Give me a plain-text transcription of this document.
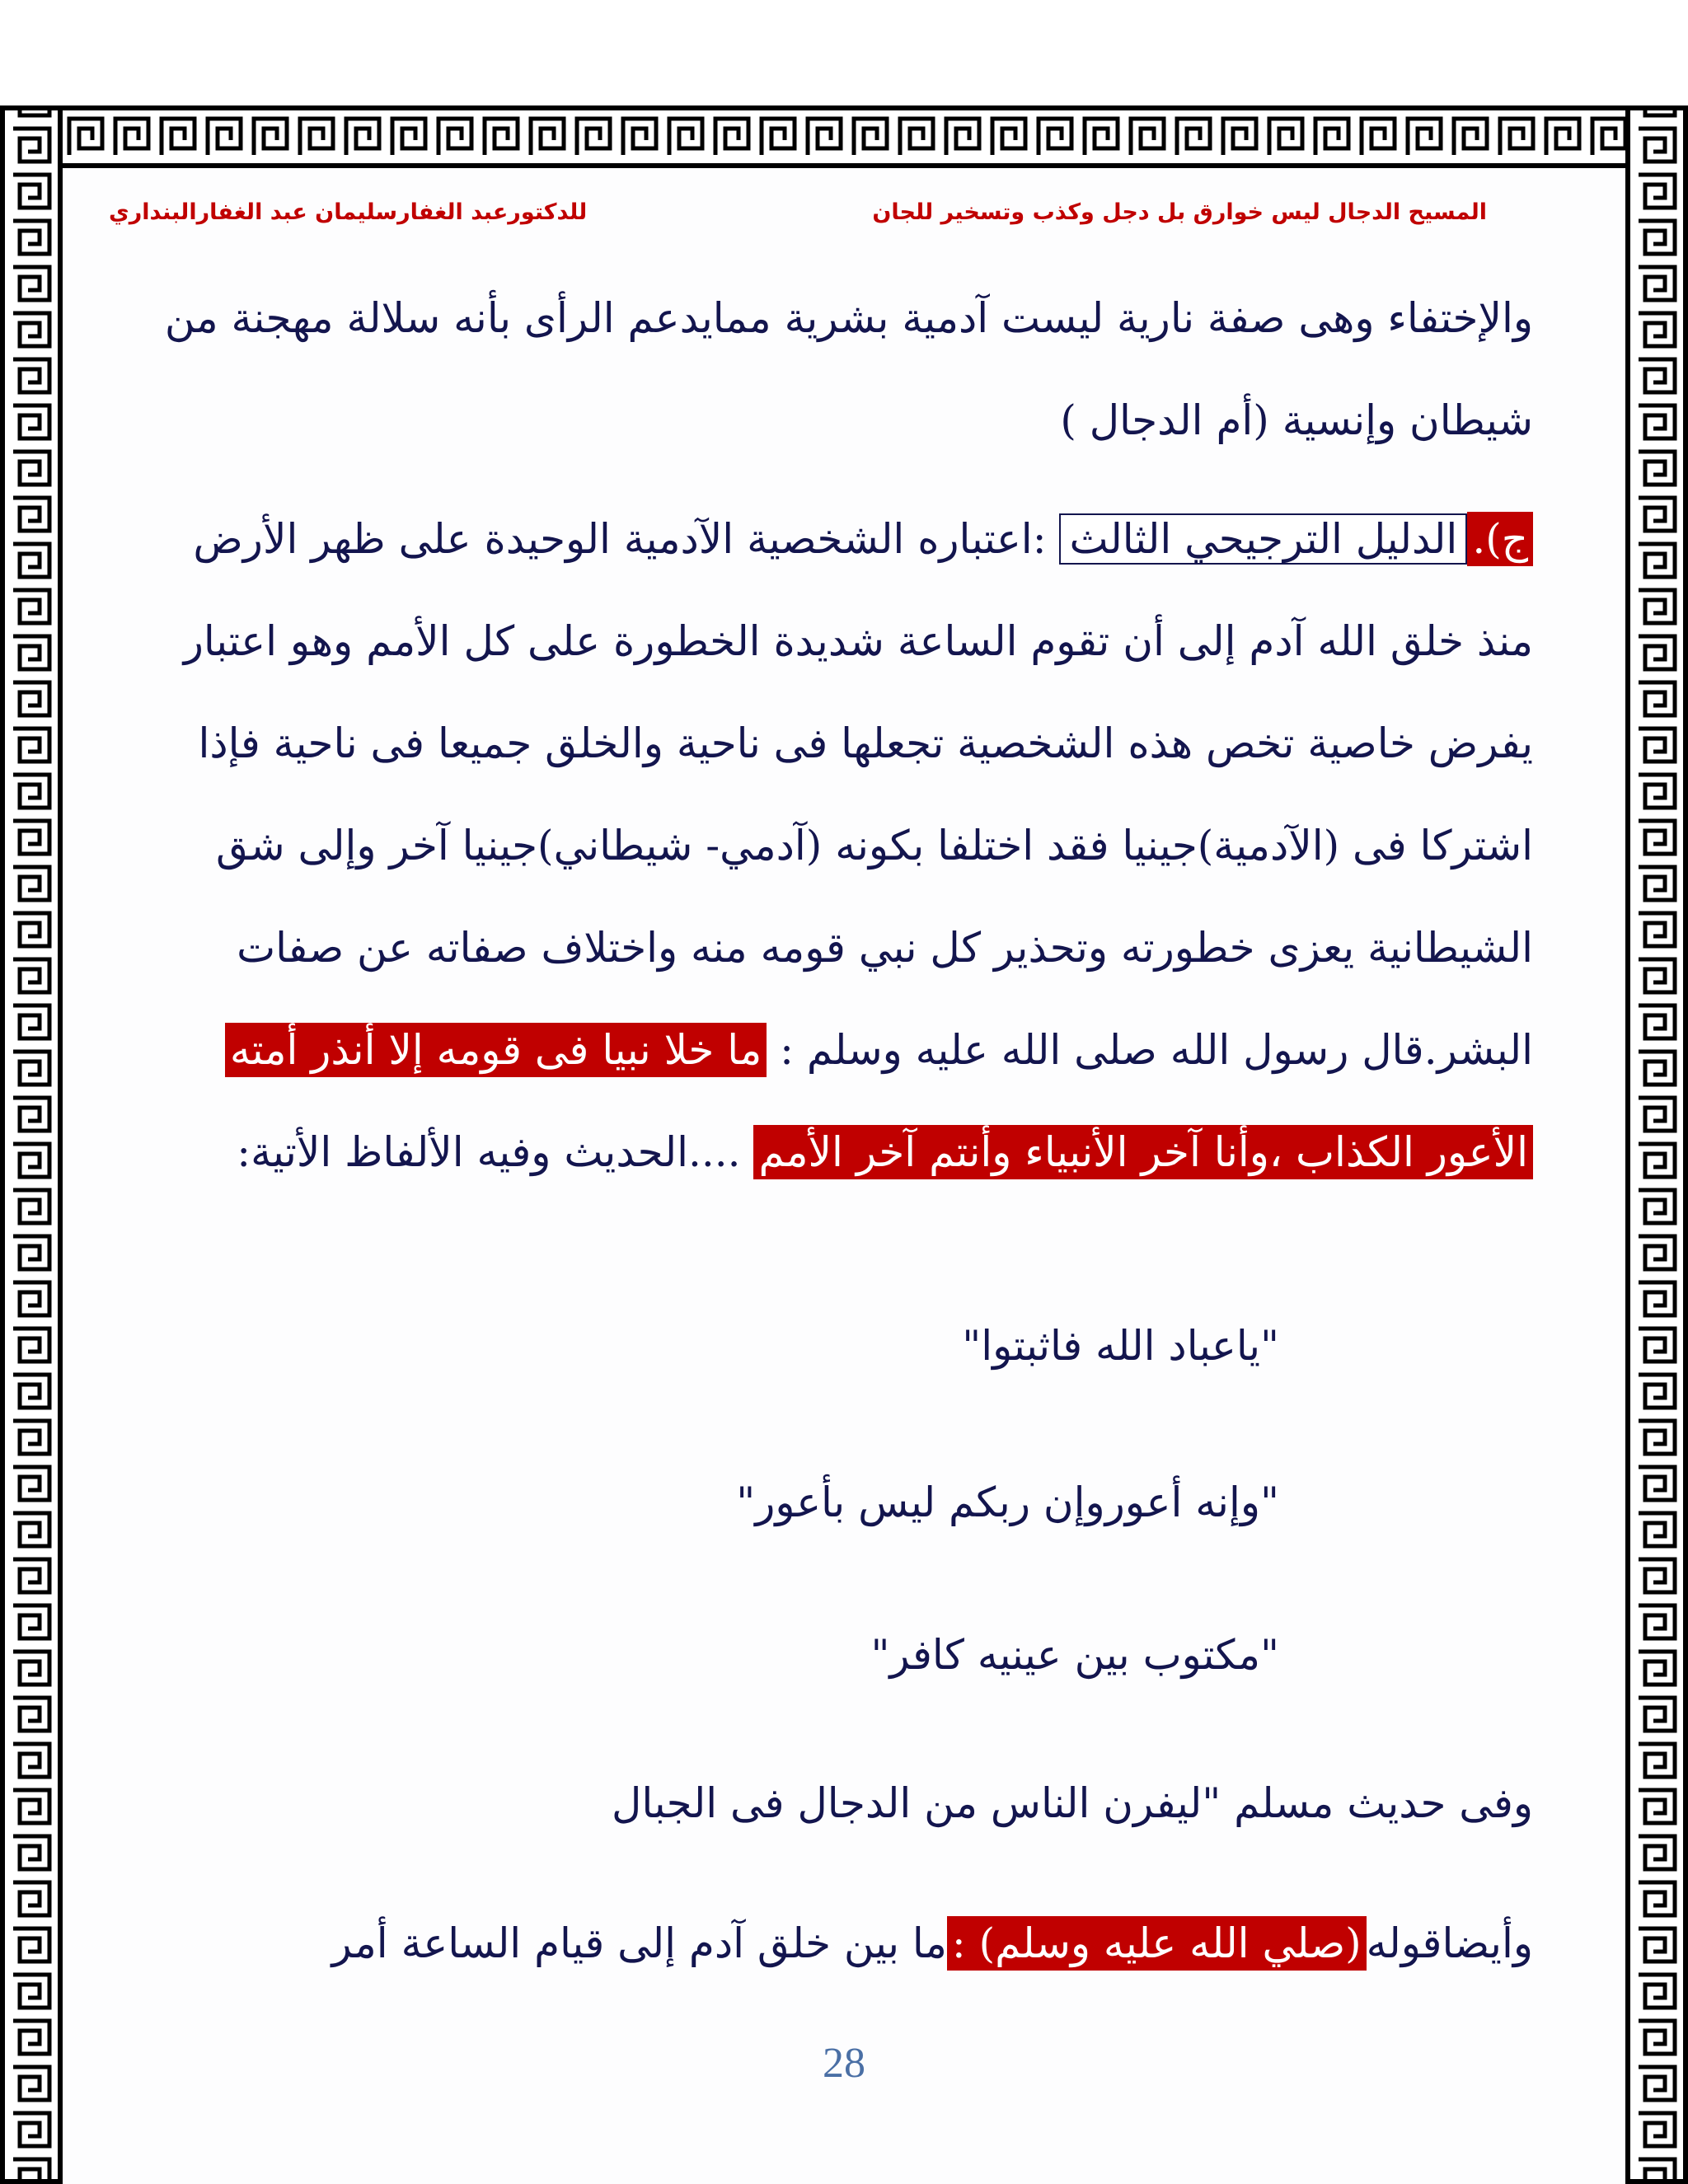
المسيح الدجال ليس خوارق بل دجل وكذب وتسخير للجان
للدكتورعبد الغفارسليمان عبد الغفارالبنداري
والإختفاء وهى صفة نارية ليست آدمية بشرية ممايدعم الرأى بأنه سلالة مهجنة من
شيطان وإنسية (أم الدجال )
ج).الدليل الترجيحي الثالث :اعتباره الشخصية الآدمية الوحيدة على ظهر الأرض
منذ خلق الله آدم إلى أن تقوم الساعة شديدة الخطورة على كل الأمم وهو اعتبار
يفرض خاصية تخص هذه الشخصية تجعلها فى ناحية والخلق جميعا فى ناحية فإذا
اشتركا فى (الآدمية)جينيا فقد اختلفا بكونه (آدمي- شيطاني)جينيا آخر وإلى شق
الشيطانية يعزى خطورته وتحذير كل نبي قومه منه واختلاف صفاته عن صفات
البشر.قال رسول الله صلى الله عليه وسلم : ما خلا نبيا فى قومه إلا أنذر أمته
الأعور الكذاب ،وأنا آخر الأنبياء وأنتم آخر الأمم ....الحديث وفيه الألفاظ الأتية:
"ياعباد الله فاثبتوا"
"وإنه أعوروإن ربكم ليس بأعور"
"مكتوب بين عينيه كافر"
وفى حديث مسلم "ليفرن الناس من الدجال فى الجبال
وأيضاقوله(صلي الله عليه وسلم) :ما بين خلق آدم إلى قيام الساعة أمر
28
